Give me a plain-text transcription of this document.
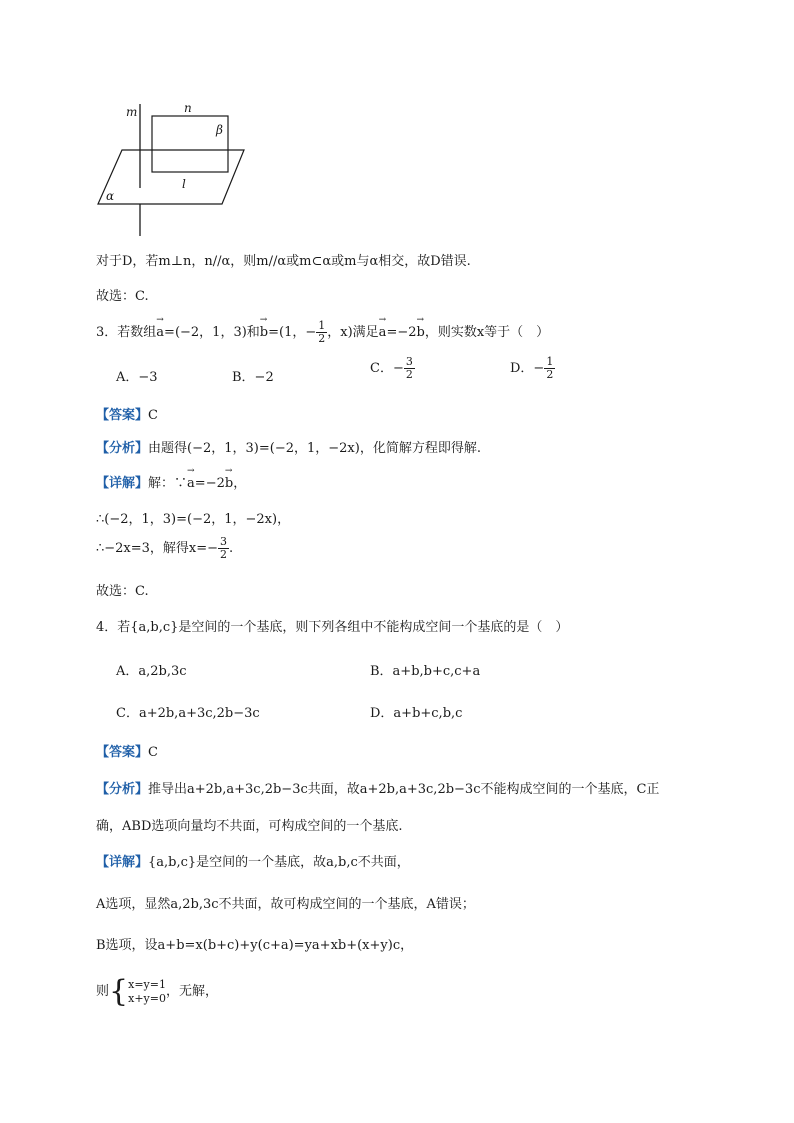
m	n
β
l
α
对于D，若m⊥n，n//α，则m//α或m⊂α或m与α相交，故D错误.
故选：C.
3．若数组→ a=(−2，1，3)和→ b=(1，− $\frac{1}{2}$ ，x)满足→ a=−2→ b，则实数x等于（　）
A．−3	B．−2
C．− $\frac{3}{2}$	D．− $\frac{1}{2}$
【答案】C
【分析】由题得(−2，1，3)=(−2，1，−2x)，化简解方程即得解.
【详解】解：∵→ a=−2→ b，
∴(−2，1，3)=(−2，1，−2x)，
∴−2x=3，解得$x=- \frac{3}{2}$ .
故选：C.
4．若{a,b,c}是空间的一个基底，则下列各组中不能构成空间一个基底的是（　）
A．a,2b,3c	B．a+b,b+c,c+a
C．a+2b,a+3c,2b−3c	D．a+b+c,b,c
【答案】C
【分析】推导出a+2b,a+3c,2b−3c共面，故a+2b,a+3c,2b−3c不能构成空间的一个基底，C正
确，ABD选项向量均不共面，可构成空间的一个基底.
【详解】{a,b,c}是空间的一个基底，故a,b,c不共面，
A选项，显然a,2b,3c不共面，故可构成空间的一个基底，A错误；
B选项，设a+b=x(b+c)+y(c+a)=ya+xb+(x+y)c，
则{ x=y=1
x+y=0 ，无解，
